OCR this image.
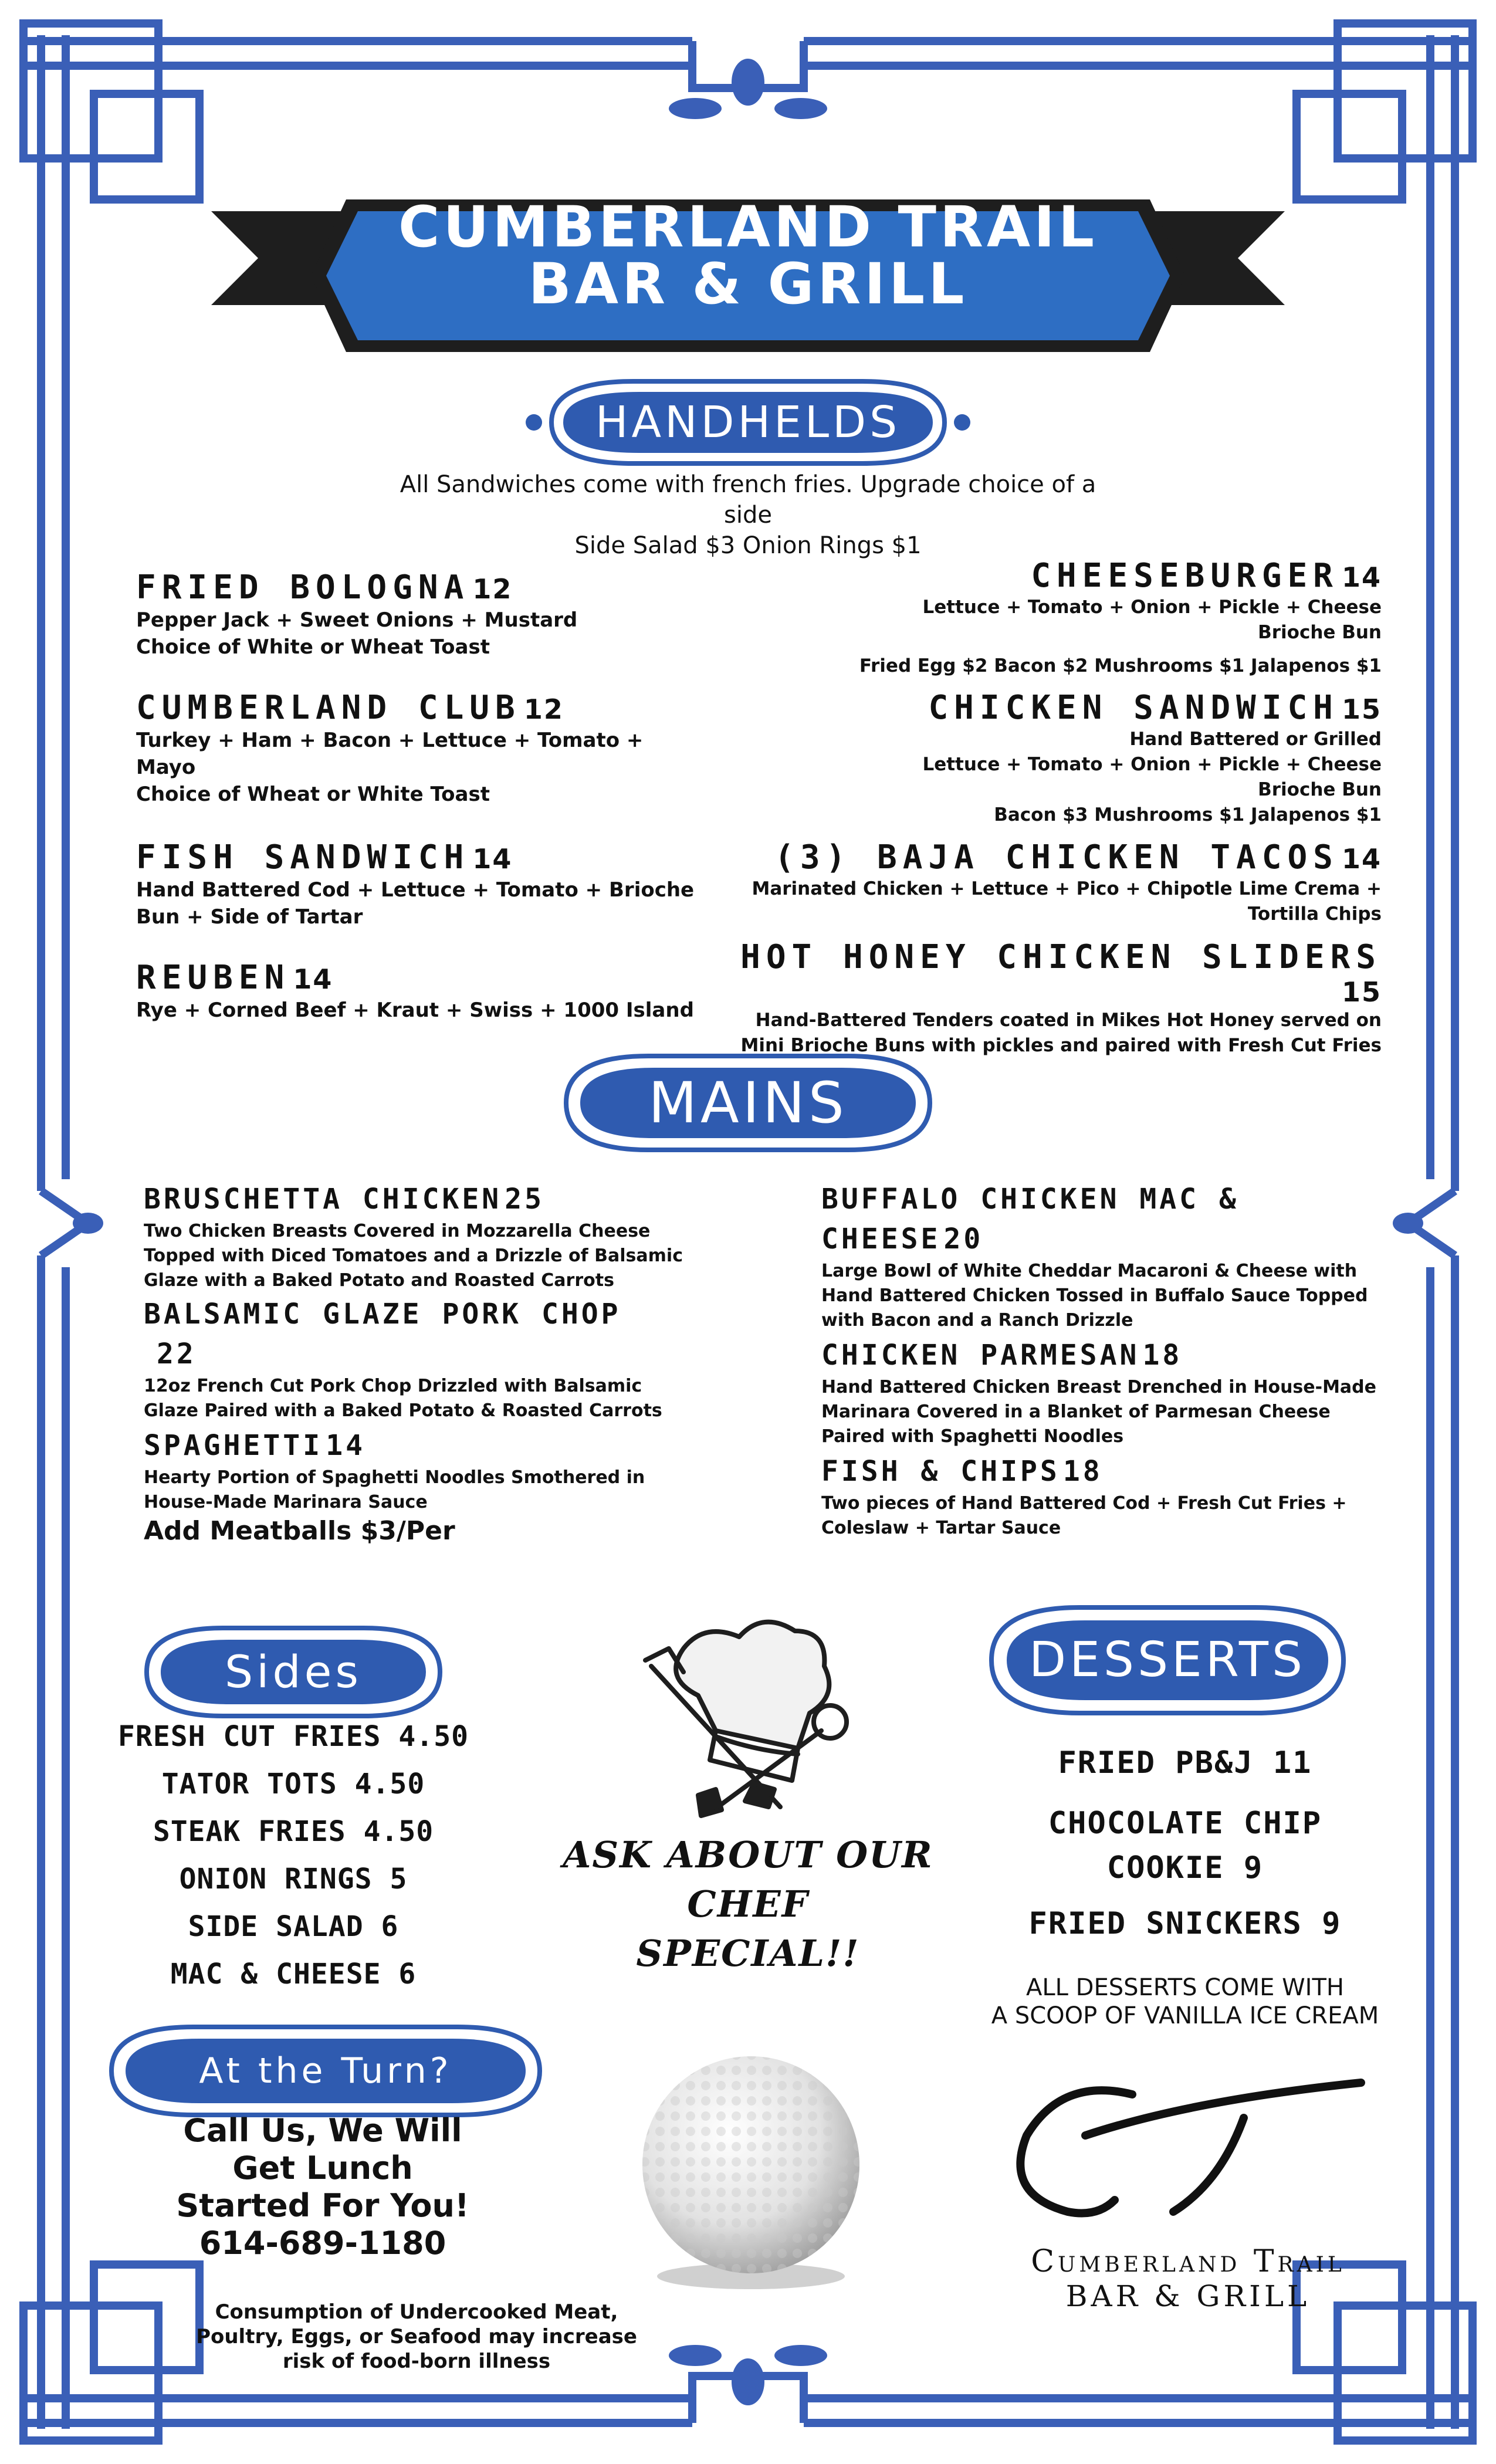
CUMBERLAND TRAIL
BAR & GRILL
HANDHELDS
All Sandwiches come with french fries. Upgrade choice of a
side
Side Salad $3 Onion Rings $1
FRIED BOLOGNA 12
Pepper Jack + Sweet Onions + Mustard
Choice of White or Wheat Toast
CUMBERLAND CLUB 12
Turkey + Ham + Bacon + Lettuce + Tomato +
Mayo
Choice of Wheat or White Toast
FISH SANDWICH 14
Hand Battered Cod + Lettuce + Tomato + Brioche
Bun + Side of Tartar
REUBEN 14
Rye + Corned Beef + Kraut + Swiss + 1000 Island
CHEESEBURGER 14
Lettuce + Tomato + Onion + Pickle + Cheese
Brioche Bun
Fried Egg $2 Bacon $2 Mushrooms $1 Jalapenos $1
CHICKEN SANDWICH 15
Hand Battered or Grilled
Lettuce + Tomato + Onion + Pickle + Cheese
Brioche Bun
Bacon $3 Mushrooms $1 Jalapenos $1
(3) BAJA CHICKEN TACOS 14
Marinated Chicken + Lettuce + Pico + Chipotle Lime Crema +
Tortilla Chips
HOT HONEY CHICKEN SLIDERS 15
Hand-Battered Tenders coated in Mikes Hot Honey served on
Mini Brioche Buns with pickles and paired with Fresh Cut Fries
MAINS
BRUSCHETTA CHICKEN 25
Two Chicken Breasts Covered in Mozzarella Cheese
Topped with Diced Tomatoes and a Drizzle of Balsamic
Glaze with a Baked Potato and Roasted Carrots
BALSAMIC GLAZE PORK CHOP
22
12oz French Cut Pork Chop Drizzled with Balsamic
Glaze Paired with a Baked Potato & Roasted Carrots
SPAGHETTI 14
Hearty Portion of Spaghetti Noodles Smothered in
House-Made Marinara Sauce
Add Meatballs $3/Per
BUFFALO CHICKEN MAC &
CHEESE 20
Large Bowl of White Cheddar Macaroni & Cheese with
Hand Battered Chicken Tossed in Buffalo Sauce Topped
with Bacon and a Ranch Drizzle
CHICKEN PARMESAN 18
Hand Battered Chicken Breast Drenched in House-Made
Marinara Covered in a Blanket of Parmesan Cheese
Paired with Spaghetti Noodles
FISH & CHIPS 18
Two pieces of Hand Battered Cod + Fresh Cut Fries +
Coleslaw + Tartar Sauce
Sides
FRESH CUT FRIES 4.50
TATOR TOTS 4.50
STEAK FRIES 4.50
ONION RINGS 5
SIDE SALAD 6
MAC & CHEESE 6
ASK ABOUT OUR CHEF
SPECIAL!!
DESSERTS
FRIED PB&J 11
CHOCOLATE CHIP
COOKIE 9
FRIED SNICKERS 9
ALL DESSERTS COME WITH
A SCOOP OF VANILLA ICE CREAM
At the Turn?
Call Us, We Will
Get Lunch
Started For You!
614-689-1180
Consumption of Undercooked Meat,
Poultry, Eggs, or Seafood may increase
risk of food-born illness
Cumberland Trail
BAR & GRILL
